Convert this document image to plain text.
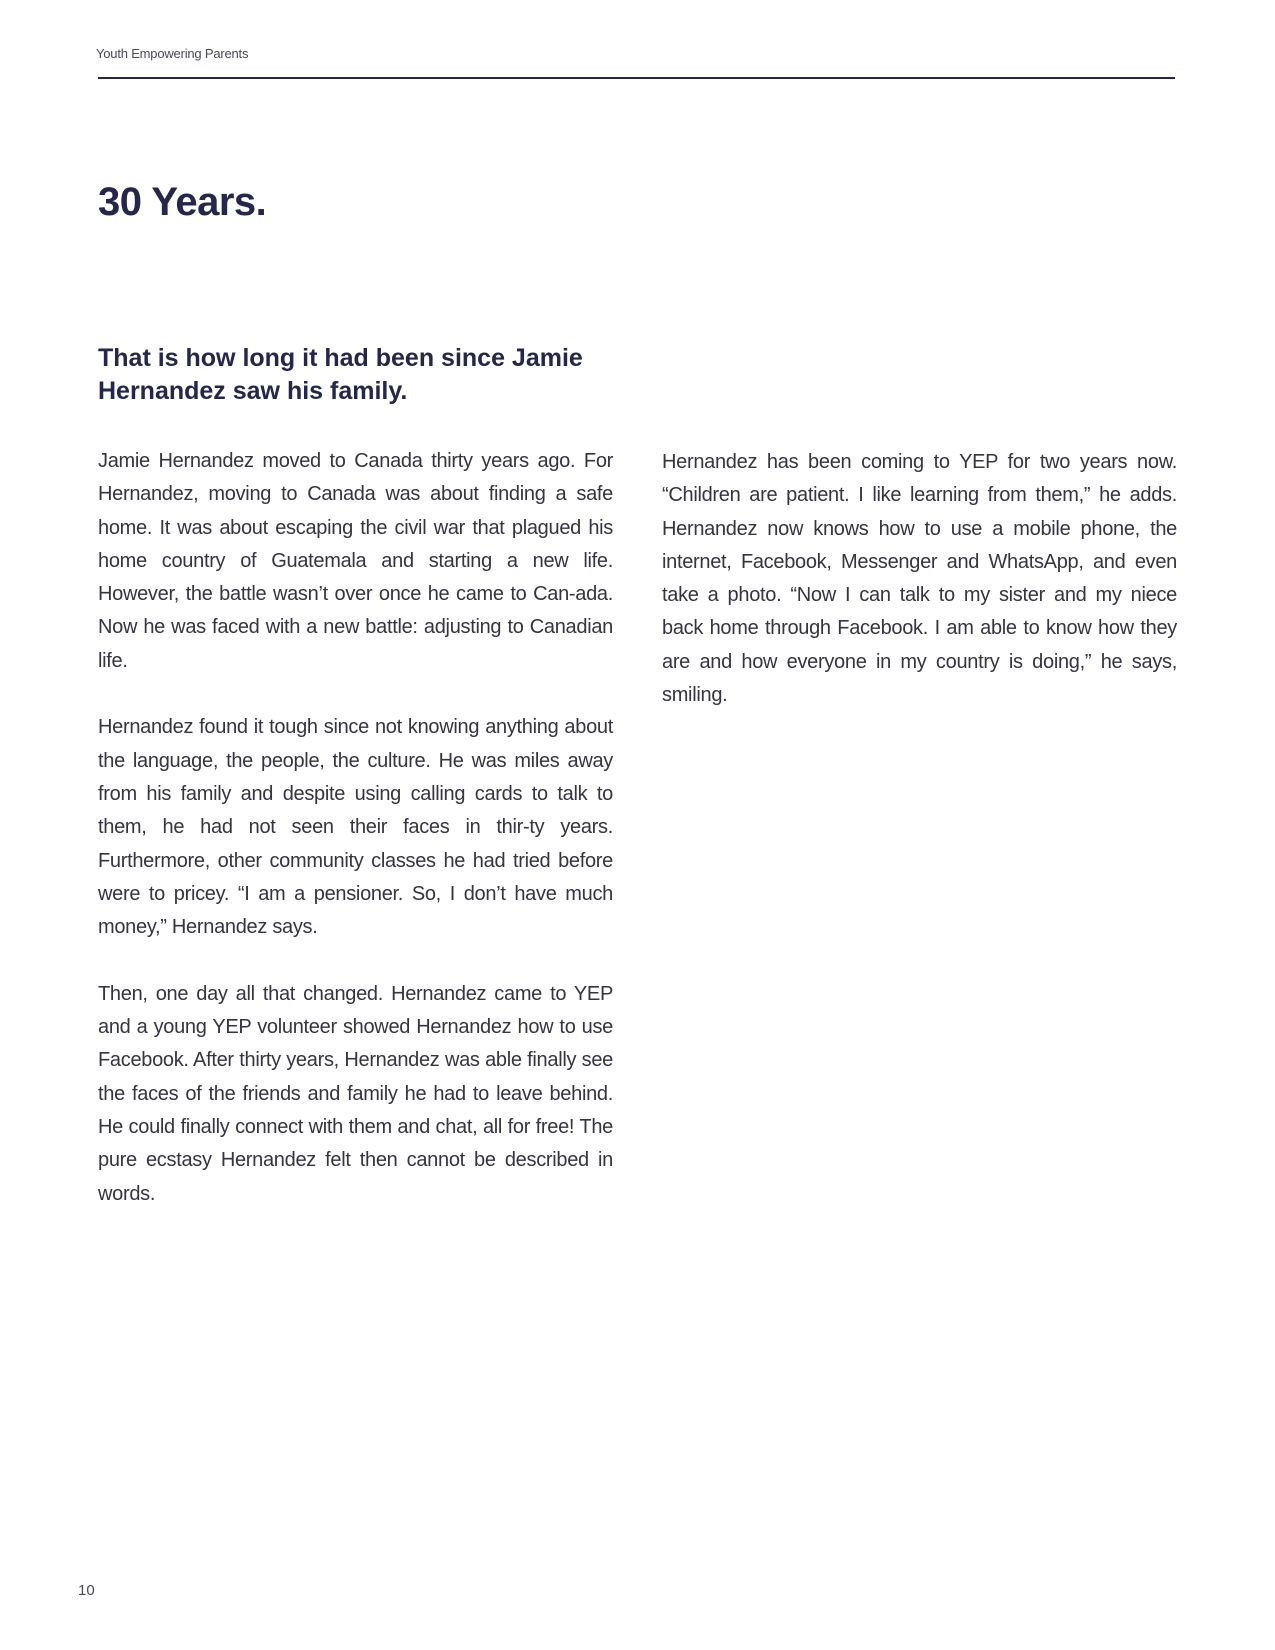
Youth Empowering Parents
30 Years.
That is how long it had been since Jamie Hernandez saw his family.

Jamie Hernandez moved to Canada thirty years ago. For Hernandez, moving to Canada was about finding a safe home. It was about escaping the civil war that plagued his home country of Guatemala and starting a new life. However, the battle wasn’t over once he came to Can-ada. Now he was faced with a new battle: adjusting to Canadian life.

Hernandez found it tough since not knowing anything about the language, the people, the culture. He was miles away from his family and despite using calling cards to talk to them, he had not seen their faces in thir-ty years. Furthermore, other community classes he had tried before were to pricey. “I am a pensioner. So, I don’t have much money,” Hernandez says.

Then, one day all that changed. Hernandez came to YEP and a young YEP volunteer showed Hernandez how to use Facebook. After thirty years, Hernandez was able finally see the faces of the friends and family he had to leave behind. He could finally connect with them and chat, all for free! The pure ecstasy Hernandez felt then cannot be described in words.

Hernandez has been coming to YEP for two years now. “Children are patient. I like learning from them,” he adds. Hernandez now knows how to use a mobile phone, the internet, Facebook, Messenger and WhatsApp, and even take a photo. “Now I can talk to my sister and my niece back home through Facebook. I am able to know how they are and how everyone in my country is doing,” he says, smiling.

10
